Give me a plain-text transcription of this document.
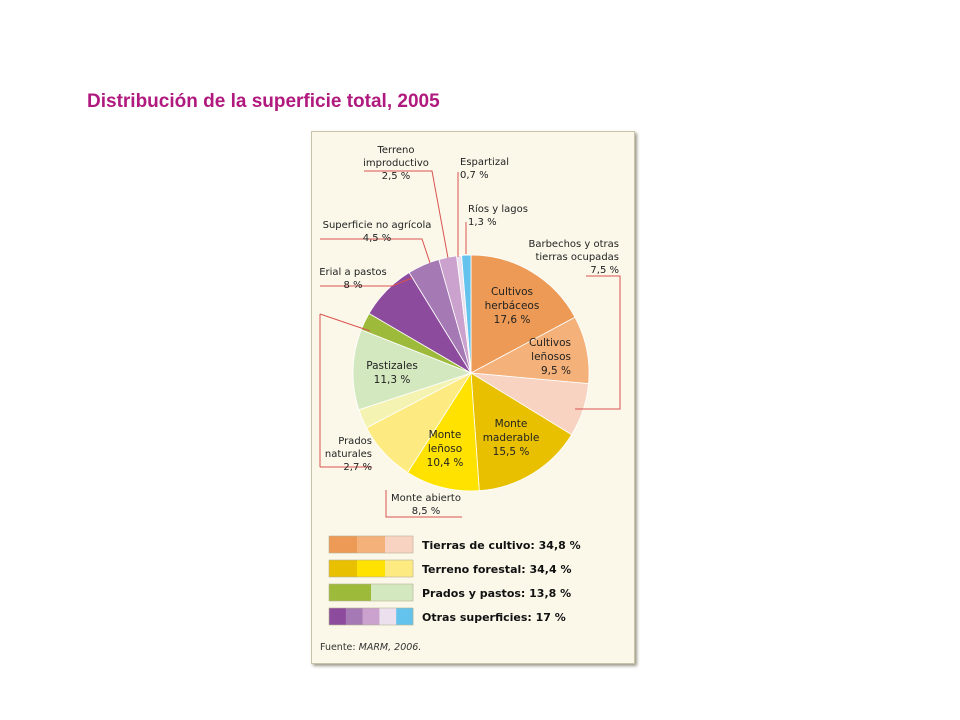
Distribución de la superficie total, 2005
Cultivos herbáceos 17,6 %
Cultivos leñosos 9,5 %
Barbechos y otras tierras ocupadas 7,5 %
Monte maderable 15,5 %
Monte leñoso 10,4 %
Monte abierto 8,5 %
Prados naturales 2,7 %
Pastizales 11,3 %
Erial a pastos 8 %
Superficie no agrícola 4,5 %
Terreno improductivo 2,5 %
Espartizal 0,7 %
Ríos y lagos 1,3 %
Tierras de cultivo: 34,8 %
Terreno forestal: 34,4 %
Prados y pastos: 13,8 %
Otras superficies: 17 %
Fuente: MARM, 2006.
